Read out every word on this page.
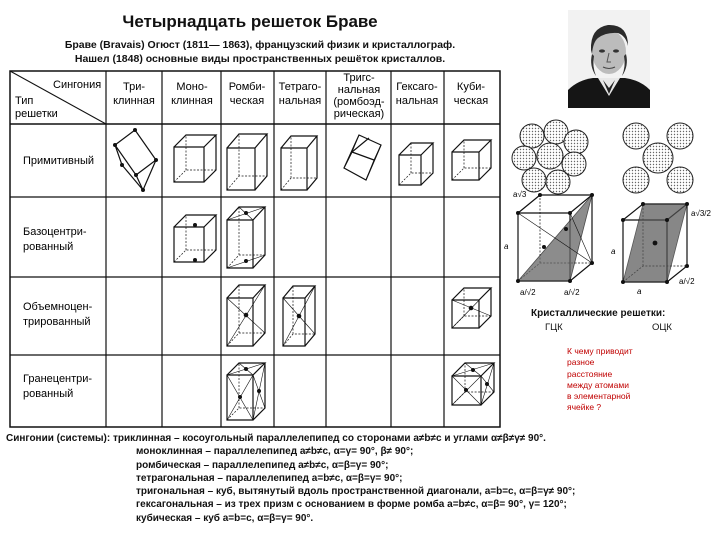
Четырнадцать решеток Браве
Браве (Bravais) Огюст (1811— 1863), французский физик и кристаллограф.
Нашел (1848) основные виды пространственных решёток кристаллов.
Сингония
Тип
решетки
Три-
клинная
Моно-
клинная
Ромби-
ческая
Тетраго-
нальная
Тригс-
нальная
(ромбоэд-
рическая)
Гексаго-
нальная
Куби-
ческая
Примитивный
Базоцентри-
рованный
Объемноцен-
трированный
Гранецентри-
рованный
a√3
a
a/√2	a/√2
a√3/2
a
a
a/√2
Кристаллические решетки:
ГЦК	ОЦК
К чему приводит
разное
расстояние
между атомами
в элементарной
ячейке ?
Сингонии (системы): триклинная – косоугольный параллелепипед со сторонами a≠b≠c и углами α≠β≠γ≠ 90°.
моноклинная – параллелепипед a≠b≠c, α=γ= 90°, β≠ 90°;
ромбическая – параллелепипед a≠b≠c, α=β=γ= 90°;
тетрагональная – параллелепипед a=b≠c, α=β=γ= 90°;
тригональная – куб, вытянутый вдоль пространственной диагонали, a=b=c, α=β=γ≠ 90°;
гексагональная – из трех призм с основанием в форме ромба a=b≠c, α=β= 90°, γ= 120°;
кубическая – куб a=b=c, α=β=γ= 90°.
